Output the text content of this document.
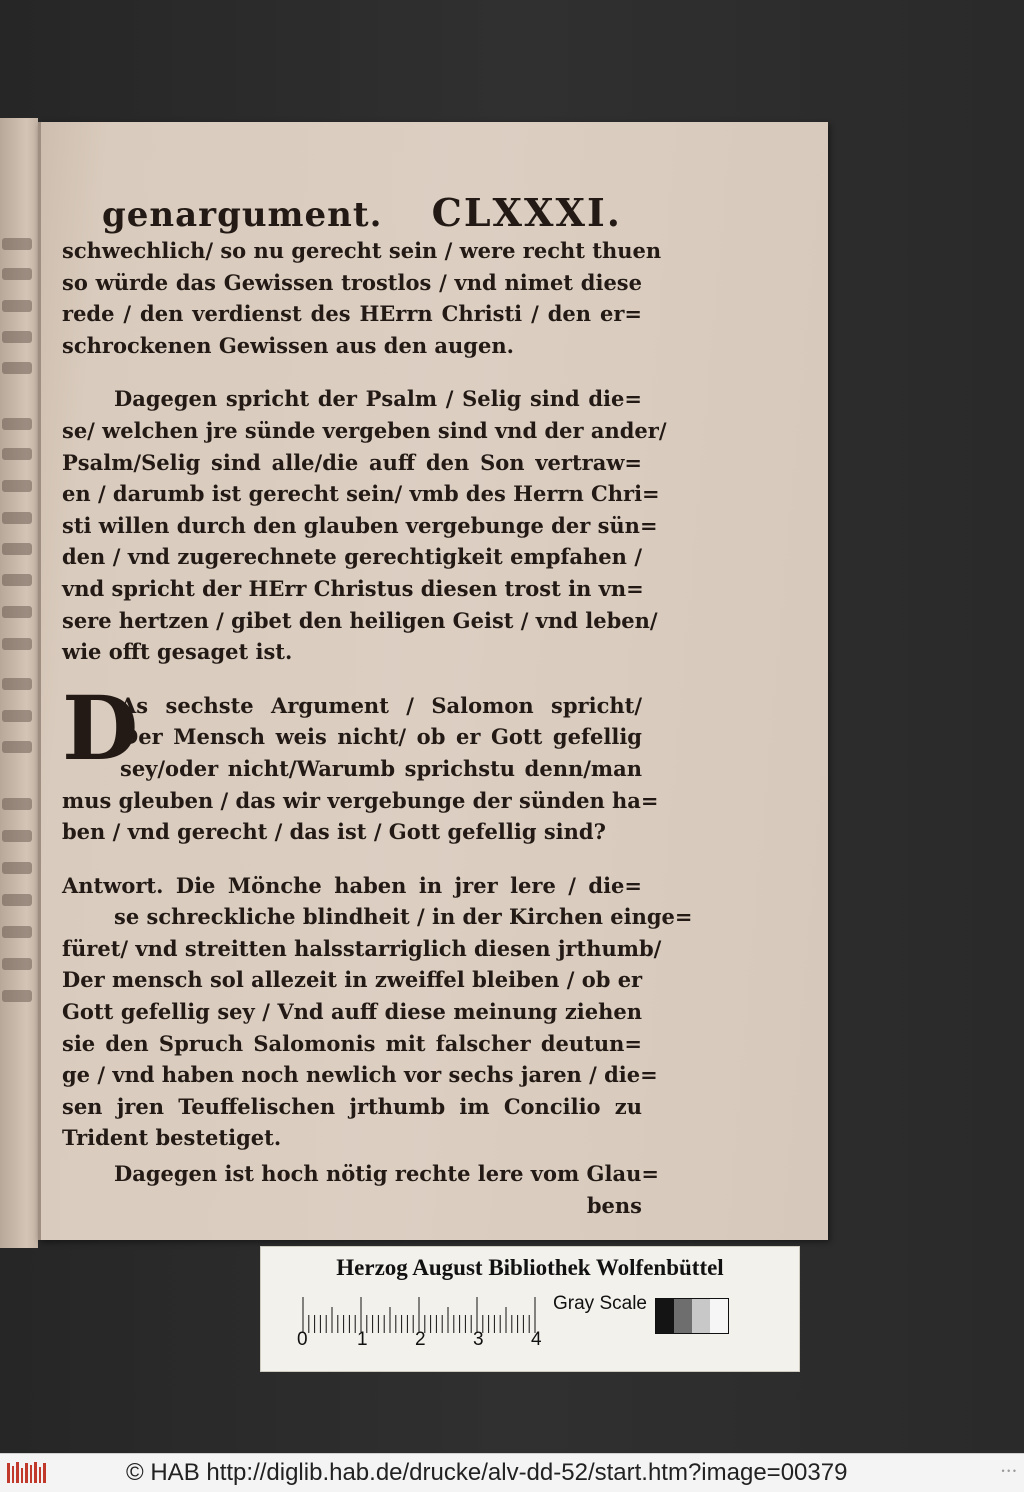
genargument. CLXXXI.
schwechlich/ so nu gerecht sein / were recht thuen
so würde das Gewissen trostlos / vnd nimet diese
rede / den verdienst des HErrn Christi / den er=
schrockenen Gewissen aus den augen.
Dagegen spricht der Psalm / Selig sind die=
se/ welchen jre sünde vergeben sind vnd der ander/
Psalm/Selig sind alle/die auff den Son vertraw=
en / darumb ist gerecht sein/ vmb des Herrn Chri=
sti willen durch den glauben vergebunge der sün=
den / vnd zugerechnete gerechtigkeit empfahen /
vnd spricht der HErr Christus diesen trost in vn=
sere hertzen / gibet den heiligen Geist / vnd leben/
wie offt gesaget ist.
D
As sechste Argument / Salomon spricht/
Der Mensch weis nicht/ ob er Gott gefellig
sey/oder nicht/Warumb sprichstu denn/man
mus gleuben / das wir vergebunge der sünden ha=
ben / vnd gerecht / das ist / Gott gefellig sind?
Antwort. Die Mönche haben in jrer lere / die=
se schreckliche blindheit / in der Kirchen einge=
füret/ vnd streitten halsstarriglich diesen jrthumb/
Der mensch sol allezeit in zweiffel bleiben / ob er
Gott gefellig sey / Vnd auff diese meinung ziehen
sie den Spruch Salomonis mit falscher deutun=
ge / vnd haben noch newlich vor sechs jaren / die=
sen jren Teuffelischen jrthumb im Concilio zu
Trident bestetiget.
Dagegen ist hoch nötig rechte lere vom Glau=
bens
Herzog August Bibliothek Wolfenbüttel
0	1 2 3 4
Gray Scale
© HAB http://diglib.hab.de/drucke/alv-dd-52/start.htm?image=00379	• • •
